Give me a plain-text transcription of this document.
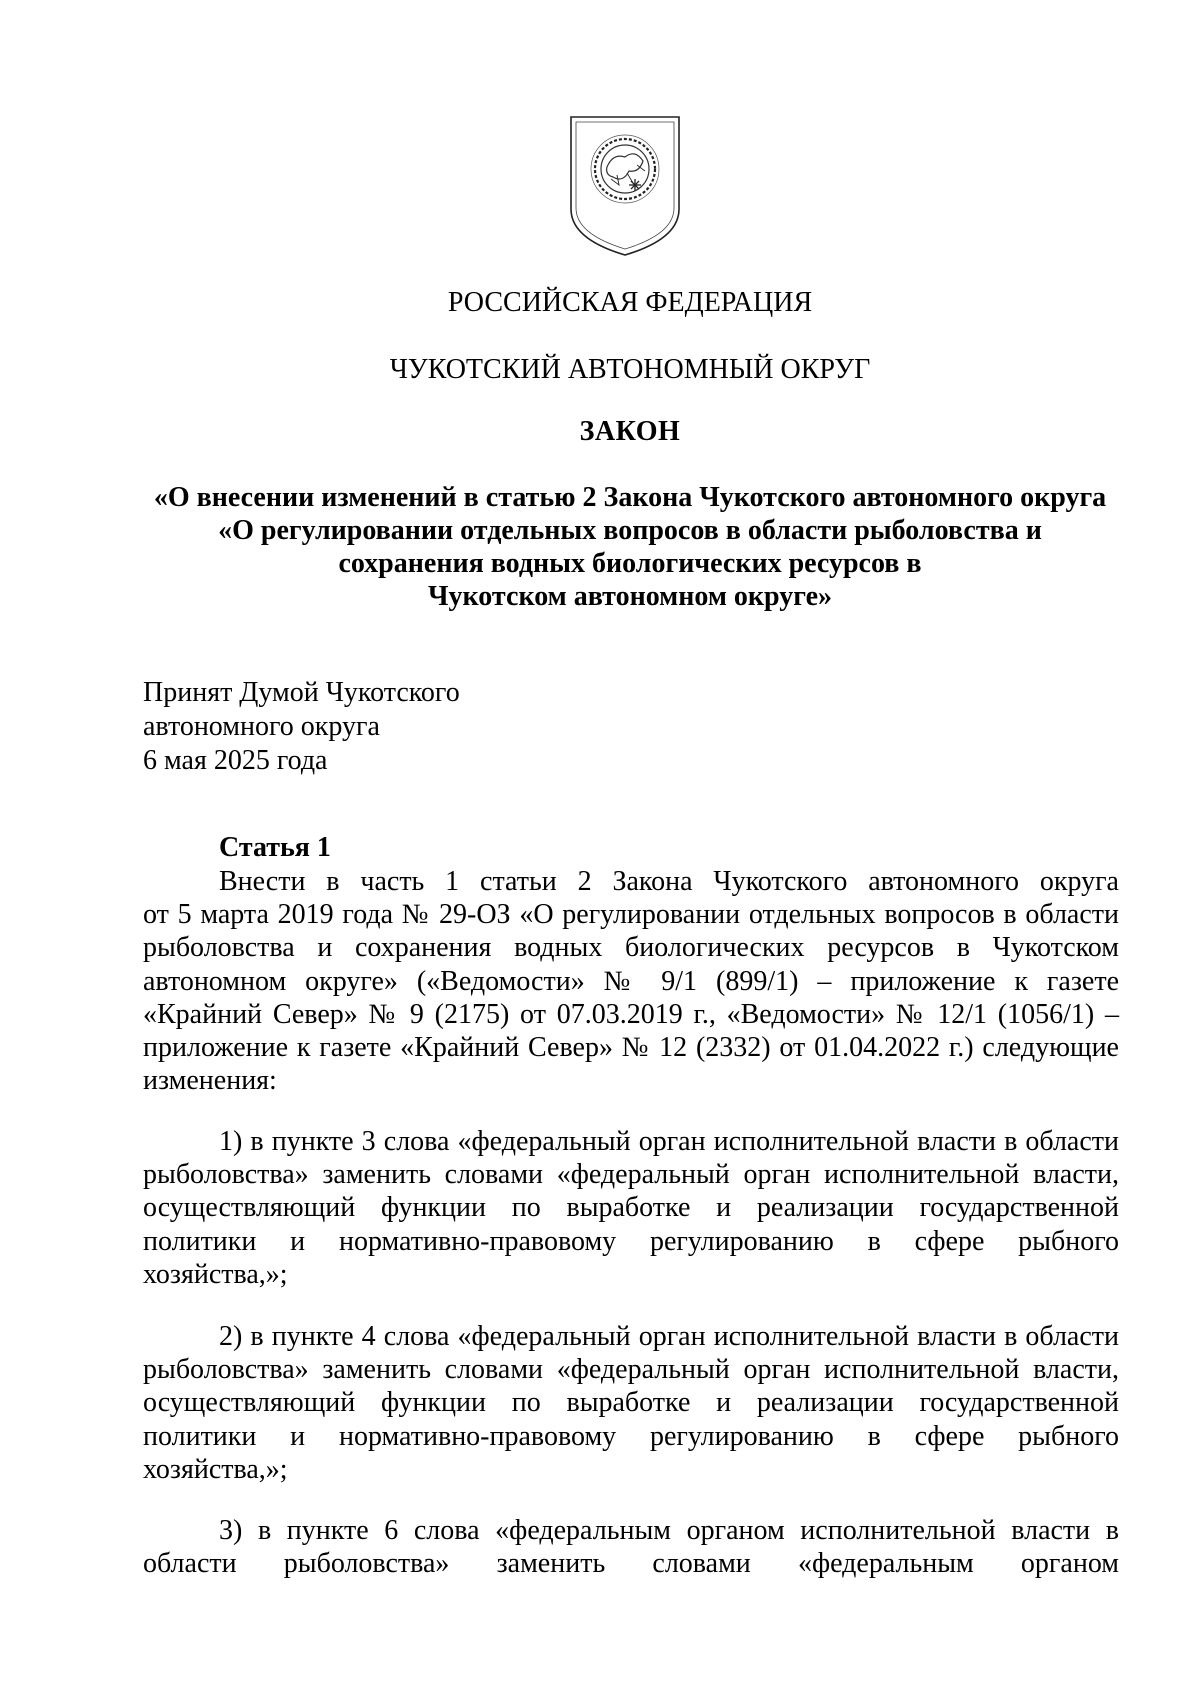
РОССИЙСКАЯ ФЕДЕРАЦИЯ
ЧУКОТСКИЙ АВТОНОМНЫЙ ОКРУГ
ЗАКОН
«О внесении изменений в статью 2 Закона Чукотского автономного округа
«О регулировании отдельных вопросов в области рыболовства и
сохранения водных биологических ресурсов в
Чукотском автономном округе»
Принят Думой Чукотского
автономного округа
6 мая 2025 года
Статья 1
Внести в часть 1 статьи 2 Закона Чукотского автономного округа
от 5 марта 2019 года № 29-ОЗ «О регулировании отдельных вопросов в области
рыболовства и сохранения водных биологических ресурсов в Чукотском
автономном округе» («Ведомости» № 9/1 (899/1) – приложение к газете
«Крайний Север» № 9 (2175) от 07.03.2019 г., «Ведомости» № 12/1 (1056/1) –
приложение к газете «Крайний Север» № 12 (2332) от 01.04.2022 г.) следующие
изменения:
1) в пункте 3 слова «федеральный орган исполнительной власти в области
рыболовства» заменить словами «федеральный орган исполнительной власти,
осуществляющий функции по выработке и реализации государственной
политики и нормативно-правовому регулированию в сфере рыбного
хозяйства,»;
2) в пункте 4 слова «федеральный орган исполнительной власти в области
рыболовства» заменить словами «федеральный орган исполнительной власти,
осуществляющий функции по выработке и реализации государственной
политики и нормативно-правовому регулированию в сфере рыбного
хозяйства,»;
3) в пункте 6 слова «федеральным органом исполнительной власти в
области рыболовства» заменить словами «федеральным органом
